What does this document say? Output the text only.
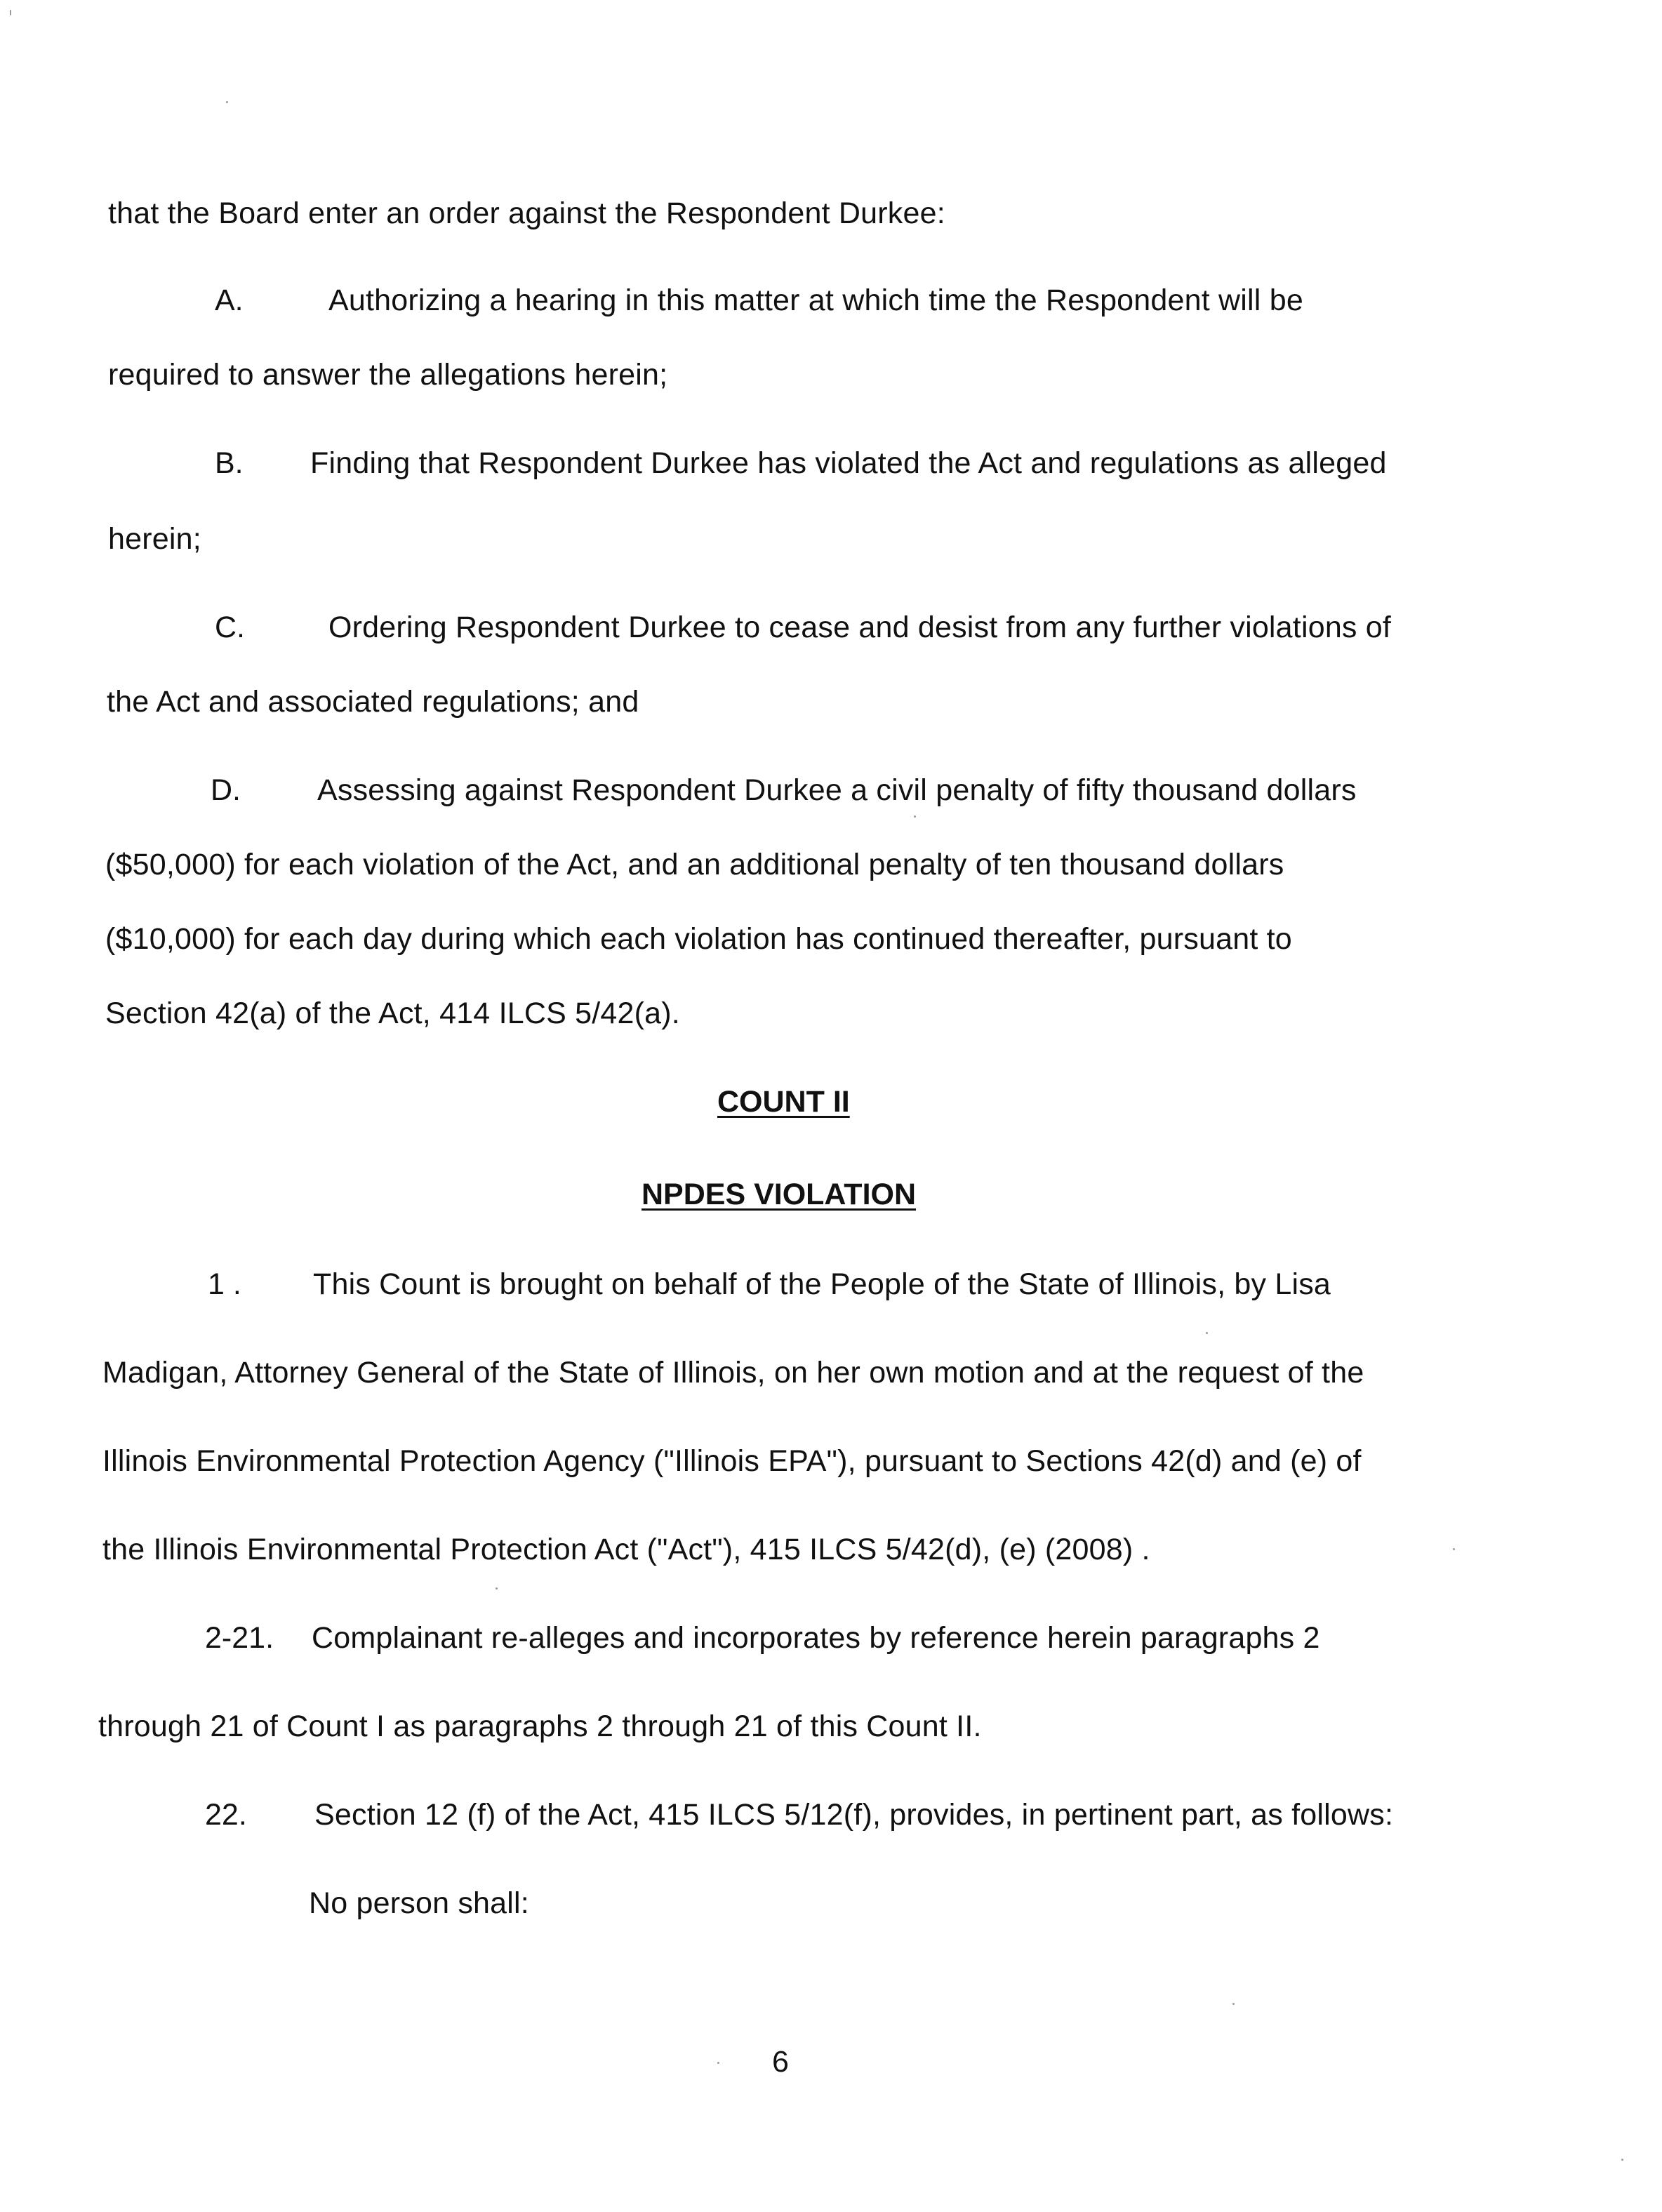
that the Board enter an order against the Respondent Durkee:
A.	Authorizing a hearing in this matter at which time the Respondent will be
required to answer the allegations herein;
B. Finding that Respondent Durkee has violated the Act and regulations as alleged
herein;
C.	Ordering Respondent Durkee to cease and desist from any further violations of
the Act and associated regulations; and
D.	Assessing against Respondent Durkee a civil penalty of fifty thousand dollars
($50,000) for each violation of the Act, and an additional penalty of ten thousand dollars
($10,000) for each day during which each violation has continued thereafter, pursuant to
Section 42(a) of the Act, 414 ILCS 5/42(a).
COUNT II
NPDES VIOLATION
1 . This Count is brought on behalf of the People of the State of Illinois, by Lisa
Madigan, Attorney General of the State of Illinois, on her own motion and at the request of the
Illinois Environmental Protection Agency ("Illinois EPA"), pursuant to Sections 42(d) and (e) of
the Illinois Environmental Protection Act ("Act"), 415 ILCS 5/42(d), (e) (2008) .
2-21. Complainant re-alleges and incorporates by reference herein paragraphs 2
through 21 of Count I as paragraphs 2 through 21 of this Count II.
22. Section 12 (f) of the Act, 415 ILCS 5/12(f), provides, in pertinent part, as follows:
No person shall:
6
